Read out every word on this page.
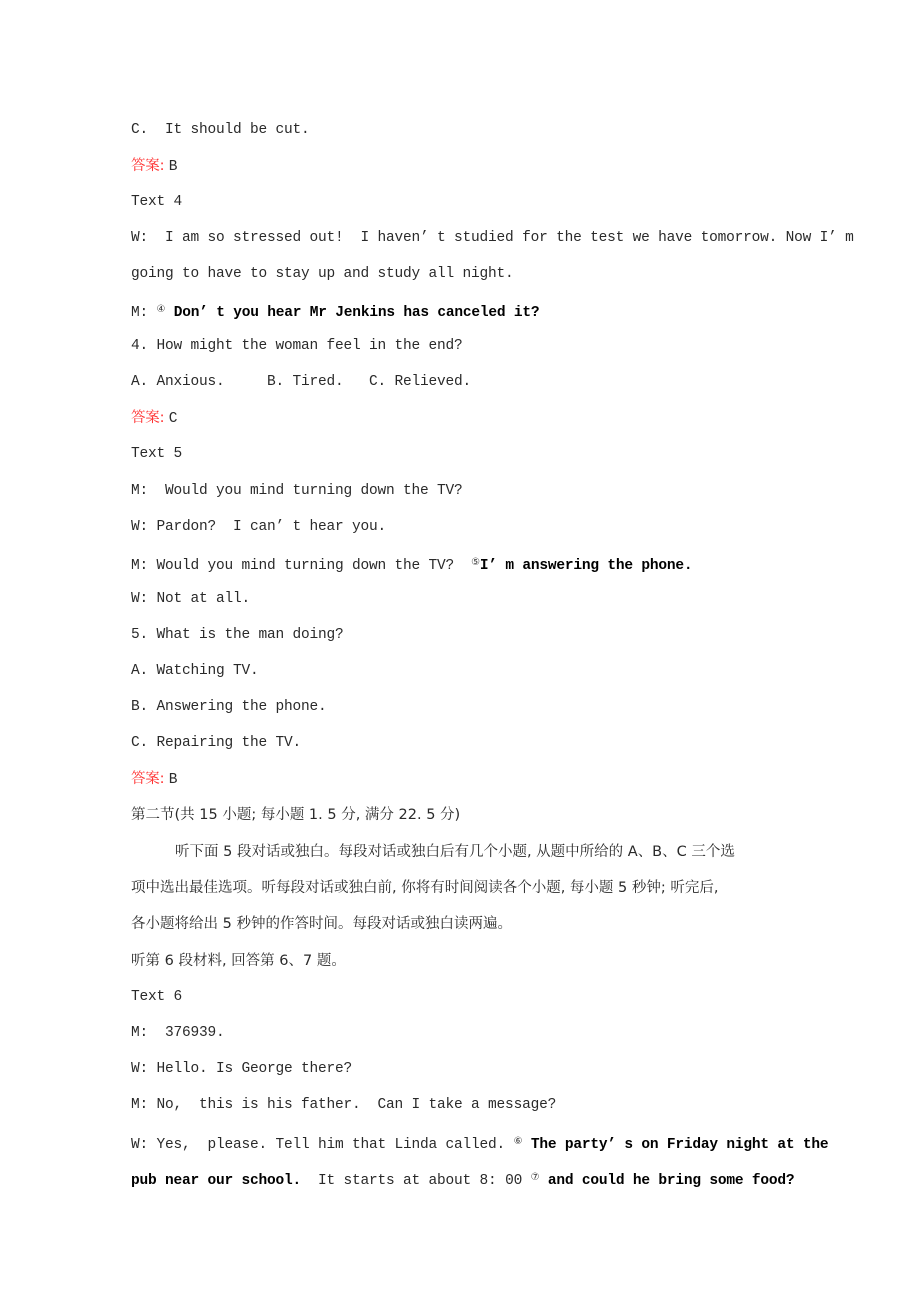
C.  It should be cut.
答案: B
Text 4
W:  I am so stressed out!  I haven’ t studied for the test we have tomorrow. Now I’ m
going to have to stay up and study all night.
M: ④ Don’ t you hear Mr Jenkins has canceled it?
4. How might the woman feel in the end?
A. Anxious.     B. Tired.   C. Relieved.
答案: C
Text 5
M:  Would you mind turning down the TV?
W: Pardon?  I can’ t hear you.
M: Would you mind turning down the TV?  ⑤I’ m answering the phone.
W: Not at all.
5. What is the man doing?
A. Watching TV.
B. Answering the phone.
C. Repairing the TV.
答案: B
第二节(共 15 小题; 每小题 1. 5 分, 满分 22. 5 分)
听下面 5 段对话或独白。每段对话或独白后有几个小题, 从题中所给的 A、B、C 三个选
项中选出最佳选项。听每段对话或独白前, 你将有时间阅读各个小题, 每小题 5 秒钟; 听完后,
各小题将给出 5 秒钟的作答时间。每段对话或独白读两遍。
听第 6 段材料, 回答第 6、7 题。
Text 6
M:  376939.
W: Hello. Is George there?
M: No,  this is his father.  Can I take a message?
W: Yes,  please. Tell him that Linda called. ⑥ The party’ s on Friday night at the
pub near our school.  It starts at about 8: 00 ⑦ and could he bring some food?
